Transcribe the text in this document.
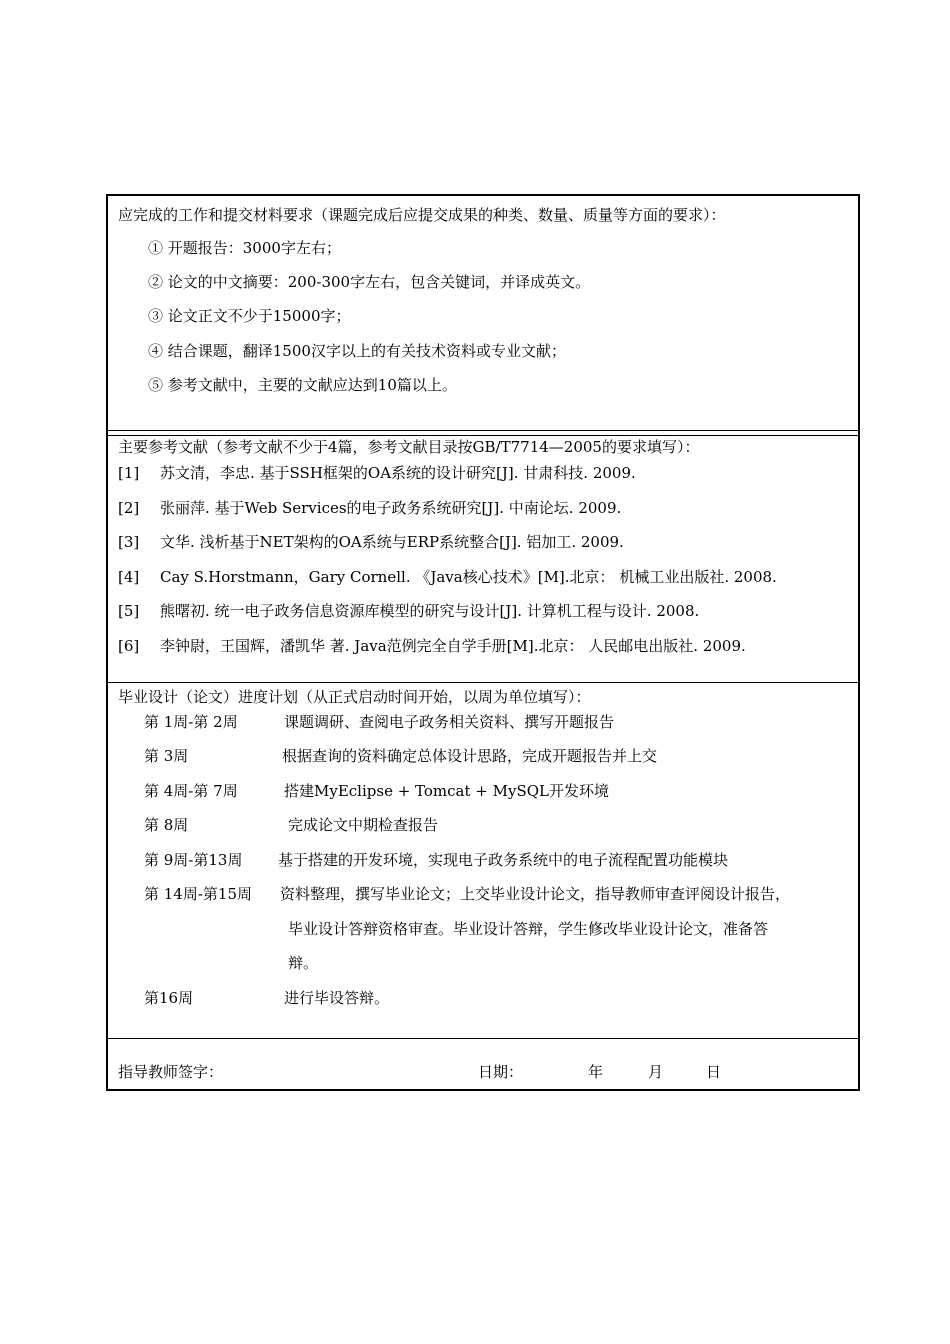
应完成的工作和提交材料要求（课题完成后应提交成果的种类、数量、质量等方面的要求）：
① 开题报告：3000字左右；
② 论文的中文摘要：200-300字左右，包含关键词，并译成英文。
③ 论文正文不少于15000字；
④ 结合课题，翻译1500汉字以上的有关技术资料或专业文献；
⑤ 参考文献中，主要的文献应达到10篇以上。
主要参考文献（参考文献不少于4篇，参考文献目录按GB/T7714—2005的要求填写）：
[1] 苏文清，李忠. 基于SSH框架的OA系统的设计研究[J]. 甘肃科技. 2009.
[2] 张丽萍. 基于Web Services的电子政务系统研究[J]. 中南论坛. 2009.
[3] 文华. 浅析基于NET架构的OA系统与ERP系统整合[J]. 铝加工. 2009.
[4] Cay S.Horstmann，Gary Cornell. 《Java核心技术》[M].北京： 机械工业出版社. 2008.
[5] 熊曙初. 统一电子政务信息资源库模型的研究与设计[J]. 计算机工程与设计. 2008.
[6] 李钟尉，王国辉，潘凯华 著. Java范例完全自学手册[M].北京： 人民邮电出版社. 2009.
毕业设计（论文）进度计划（从正式启动时间开始，以周为单位填写）：
第 1周-第 2周	课题调研、查阅电子政务相关资料、撰写开题报告
第 3周	根据查询的资料确定总体设计思路，完成开题报告并上交
第 4周-第 7周	搭建MyEclipse + Tomcat + MySQL开发环境
第 8周	完成论文中期检查报告
第 9周-第13周 基于搭建的开发环境，实现电子政务系统中的电子流程配置功能模块
第 14周-第15周 资料整理，撰写毕业论文；上交毕业设计论文，指导教师审查评阅设计报告，
毕业设计答辩资格审查。毕业设计答辩，学生修改毕业设计论文，准备答
辩。
第16周	进行毕设答辩。
指导教师签字：	日期：	年	月	日
